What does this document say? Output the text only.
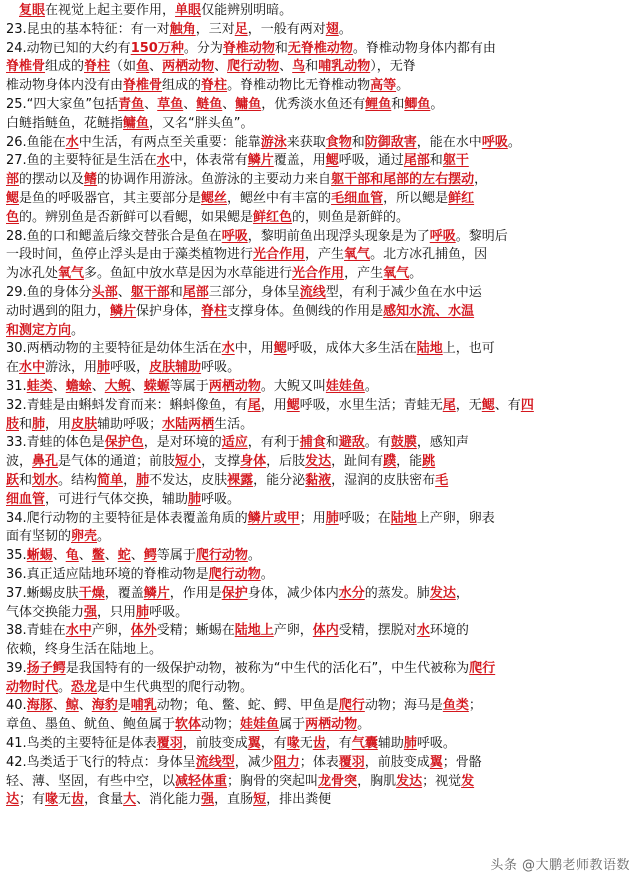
　复眼在视觉上起主要作用，单眼仅能辨别明暗。
23.昆虫的基本特征：有一对触角，三对足，一般有两对翅。
24.动物已知的大约有150万种。分为脊椎动物和无脊椎动物。脊椎动物身体内都有由
脊椎骨组成的脊柱（如鱼、两栖动物、爬行动物、鸟和哺乳动物），无脊
椎动物身体内没有由脊椎骨组成的脊柱。脊椎动物比无脊椎动物高等。
25.“四大家鱼”包括青鱼、草鱼、鲢鱼、鳙鱼，优秀淡水鱼还有鲤鱼和鲫鱼。
白鲢指鲢鱼，花鲢指鳙鱼，又名“胖头鱼”。
26.鱼能在水中生活，有两点至关重要：能靠游泳来获取食物和防御敌害，能在水中呼吸。
27.鱼的主要特征是生活在水中，体表常有鳞片覆盖，用鳃呼吸，通过尾部和躯干
部的摆动以及鳍的协调作用游泳。鱼游泳的主要动力来自躯干部和尾部的左右摆动，
鳃是鱼的呼吸器官，其主要部分是鳃丝，鳃丝中有丰富的毛细血管，所以鳃是鲜红
色的。辨别鱼是否新鲜可以看鳃，如果鳃是鲜红色的，则鱼是新鲜的。
28.鱼的口和鳃盖后缘交替张合是鱼在呼吸，黎明前鱼出现浮头现象是为了呼吸。黎明后
一段时间，鱼停止浮头是由于藻类植物进行光合作用，产生氧气。北方冰孔捕鱼，因
为冰孔处氧气多。鱼缸中放水草是因为水草能进行光合作用，产生氧气。
29.鱼的身体分头部、躯干部和尾部三部分，身体呈流线型，有利于减少鱼在水中运
动时遇到的阻力，鳞片保护身体，脊柱支撑身体。鱼侧线的作用是感知水流、水温
和测定方向。
30.两栖动物的主要特征是幼体生活在水中，用鳃呼吸，成体大多生活在陆地上，也可
在水中游泳，用肺呼吸，皮肤辅助呼吸。
31.蛙类、蟾蜍、大鲵、蝾螈等属于两栖动物。大鲵又叫娃娃鱼。
32.青蛙是由蝌蚪发育而来：蝌蚪像鱼，有尾，用鳃呼吸，水里生活；青蛙无尾，无鳃、有四
肢和肺，用皮肤辅助呼吸；水陆两栖生活。
33.青蛙的体色是保护色，是对环境的适应，有利于捕食和避敌。有鼓膜，感知声
波，鼻孔是气体的通道；前肢短小，支撑身体，后肢发达，趾间有蹼，能跳
跃和划水。结构简单，肺不发达，皮肤裸露，能分泌黏液，湿润的皮肤密布毛
细血管，可进行气体交换，辅助肺呼吸。
34.爬行动物的主要特征是体表覆盖角质的鳞片或甲；用肺呼吸；在陆地上产卵，卵表
面有坚韧的卵壳。
35.蜥蜴、龟、鳖、蛇、鳄等属于爬行动物。
36.真正适应陆地环境的脊椎动物是爬行动物。
37.蜥蜴皮肤干燥，覆盖鳞片，作用是保护身体，减少体内水分的蒸发。肺发达，
气体交换能力强，只用肺呼吸。
38.青蛙在水中产卵，体外受精；蜥蜴在陆地上产卵，体内受精，摆脱对水环境的
依赖，终身生活在陆地上。
39.扬子鳄是我国特有的一级保护动物，被称为“中生代的活化石”，中生代被称为爬行
动物时代。恐龙是中生代典型的爬行动物。
40.海豚、鲸、海豹是哺乳动物；龟、鳖、蛇、鳄、甲鱼是爬行动物；海马是鱼类；
章鱼、墨鱼、鱿鱼、鲍鱼属于软体动物；娃娃鱼属于两栖动物。
41.鸟类的主要特征是体表覆羽，前肢变成翼，有喙无齿，有气囊辅助肺呼吸。
42.鸟类适于飞行的特点：身体呈流线型，减少阻力；体表覆羽，前肢变成翼；骨骼
轻、薄、坚固，有些中空，以减轻体重；胸骨的突起叫龙骨突，胸肌发达；视觉发
达；有喙无齿，食量大、消化能力强，直肠短，排出粪便
头条 @大鹏老师教语数
